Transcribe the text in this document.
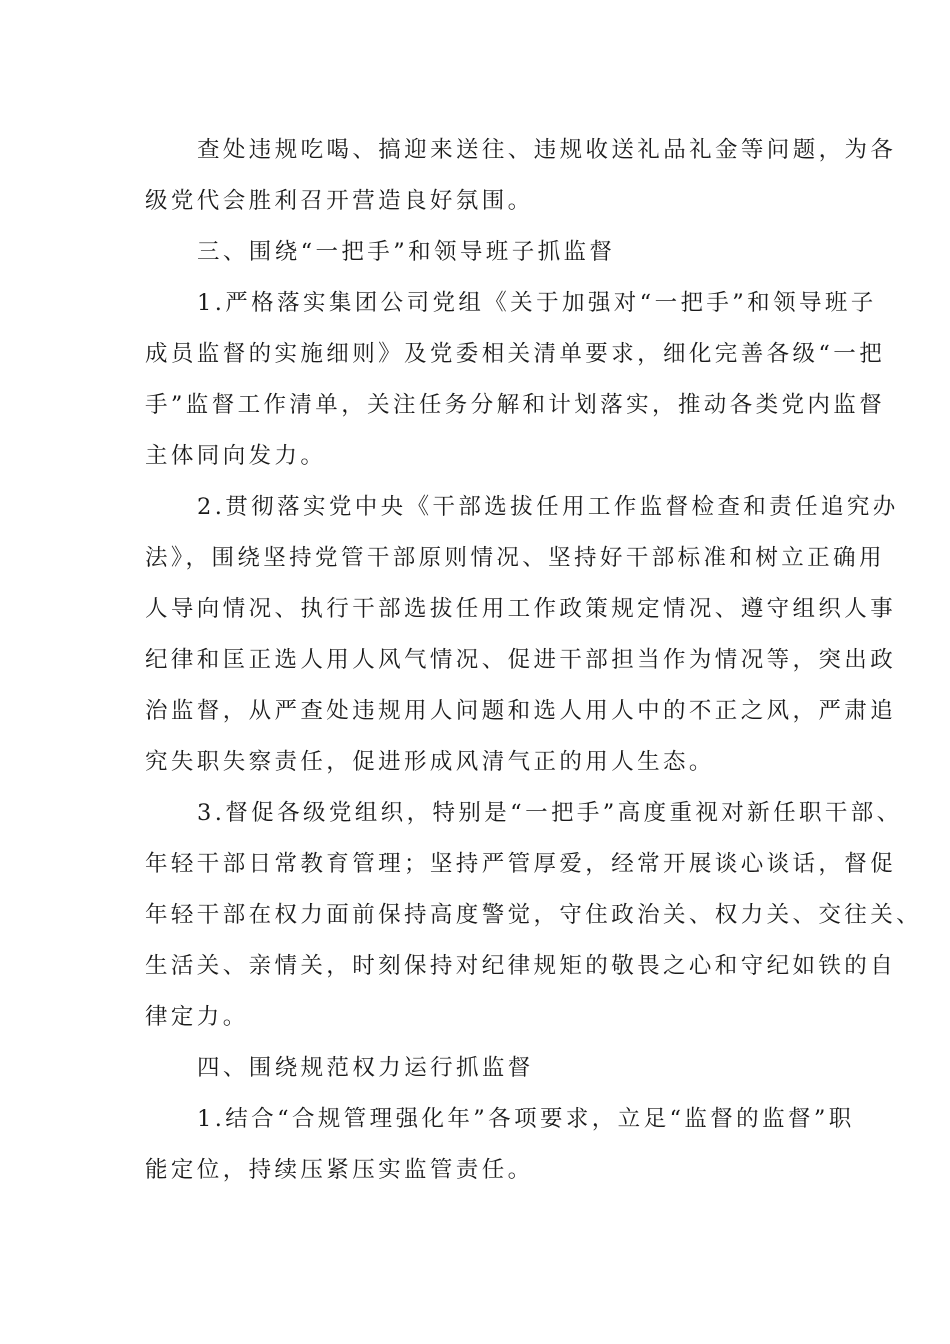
查处违规吃喝、搞迎来送往、违规收送礼品礼金等问题，为各
级党代会胜利召开营造良好氛围。
三、围绕“一把手”和领导班子抓监督
1.严格落实集团公司党组《关于加强对“一把手”和领导班子
成员监督的实施细则》及党委相关清单要求，细化完善各级“一把
手”监督工作清单，关注任务分解和计划落实，推动各类党内监督
主体同向发力。
2.贯彻落实党中央《干部选拔任用工作监督检查和责任追究办
法》，围绕坚持党管干部原则情况、坚持好干部标准和树立正确用
人导向情况、执行干部选拔任用工作政策规定情况、遵守组织人事
纪律和匡正选人用人风气情况、促进干部担当作为情况等，突出政
治监督，从严查处违规用人问题和选人用人中的不正之风，严肃追
究失职失察责任，促进形成风清气正的用人生态。
3.督促各级党组织，特别是“一把手”高度重视对新任职干部、
年轻干部日常教育管理；坚持严管厚爱，经常开展谈心谈话，督促
年轻干部在权力面前保持高度警觉，守住政治关、权力关、交往关、
生活关、亲情关，时刻保持对纪律规矩的敬畏之心和守纪如铁的自
律定力。
四、围绕规范权力运行抓监督
1.结合“合规管理强化年”各项要求，立足“监督的监督”职
能定位，持续压紧压实监管责任。
